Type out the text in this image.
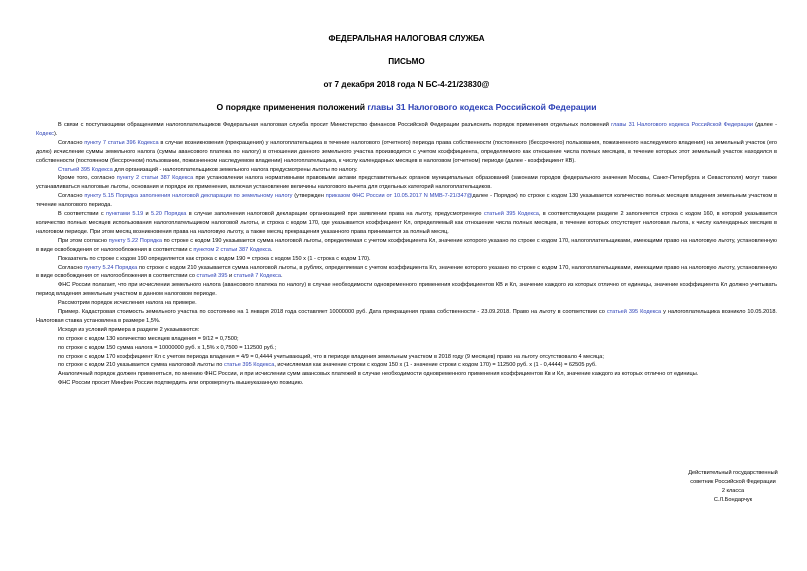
ФЕДЕРАЛЬНАЯ НАЛОГОВАЯ СЛУЖБА

ПИСЬМО

от 7 декабря 2018 года N БС-4-21/23830@

О порядке применения положений главы 31 Налогового кодекса Российской Федерации

В связи с поступающими обращениями налогоплательщиков Федеральная налоговая служба просит Министерство финансов Российской Федерации разъяснить порядок применения отдельных положений главы 31 Налогового кодекса Российской Федерации (далее - Кодекс).

Согласно пункту 7 статьи 396 Кодекса в случае возникновения (прекращения) у налогоплательщика в течение налогового (отчетного) периода права собственности (постоянного (бессрочного) пользования, пожизненного наследуемого владения) на земельный участок (его долю) исчисление суммы земельного налога (суммы авансового платежа по налогу) в отношении данного земельного участка производится с учетом коэффициента, определяемого как отношение числа полных месяцев, в течение которых этот земельный участок находился в собственности (постоянном (бессрочном) пользовании, пожизненном наследуемом владении) налогоплательщика, к числу календарных месяцев в налоговом (отчетном) периоде (далее - коэффициент КВ).

Статьей 395 Кодекса для организаций - налогоплательщиков земельного налога предусмотрены льготы по налогу.

Кроме того, согласно пункту 2 статьи 387 Кодекса при установлении налога нормативными правовыми актами представительных органов муниципальных образований (законами городов федерального значения Москвы, Санкт-Петербурга и Севастополя) могут также устанавливаться налоговые льготы, основания и порядок их применения, включая установление величины налогового вычета для отдельных категорий налогоплательщиков.

Согласно пункту 5.15 Порядка заполнения налоговой декларации по земельному налогу (утвержден приказом ФНС России от 10.05.2017 N ММВ-7-21/347@далее - Порядок) по строке с кодом 130 указывается количество полных месяцев владения земельным участком в течение налогового периода.

В соответствии с пунктами 5.19 и 5.20 Порядка в случае заполнения налоговой декларации организацией при заявлении права на льготу, предусмотренную статьей 395 Кодекса, в соответствующем разделе 2 заполняется строка с кодом 160, в которой указывается количество полных месяцев использования налогоплательщиком налоговой льготы, и строка с кодом 170, где указывается коэффициент Кл, определяемый как отношение числа полных месяцев, в течение которых отсутствует налоговая льгота, к числу календарных месяцев в налоговом периоде. При этом месяц возникновения права на налоговую льготу, а также месяц прекращения указанного права принимается за полный месяц.

При этом согласно пункту 5.22 Порядка по строке с кодом 190 указывается сумма налоговой льготы, определяемая с учетом коэффициента Кл, значение которого указано по строке с кодом 170, налогоплательщиками, имеющими право на налоговую льготу, установленную в виде освобождения от налогообложения в соответствии с пунктом 2 статьи 387 Кодекса.

Показатель по строке с кодом 190 определяется как строка с кодом 190 = строка с кодом 150 х (1 - строка с кодом 170).

Согласно пункту 5.24 Порядка по строке с кодом 210 указывается сумма налоговой льготы, в рублях, определяемая с учетом коэффициента Кл, значение которого указано по строке с кодом 170, налогоплательщиками, имеющими право на налоговую льготу, установленную в виде освобождения от налогообложения в соответствии со статьей 395 и статьей 7 Кодекса.

ФНС России полагает, что при исчислении земельного налога (авансового платежа по налогу) в случае необходимости одновременного применения коэффициентов КВ и Кл, значение каждого из которых отлично от единицы, значение коэффициента Кл должно учитывать период владения земельным участком в данном налоговом периоде.

Рассмотрим порядок исчисления налога на примере.

Пример. Кадастровая стоимость земельного участка по состоянию на 1 января 2018 года составляет 10000000 руб. Дата прекращения права собственности - 23.09.2018. Право на льготу в соответствии со статьей 395 Кодекса у налогоплательщика возникло 10.05.2018. Налоговая ставка установлена в размере 1,5%.

Исходя из условий примера в разделе 2 указываются:

по строке с кодом 130 количество месяцев владения = 9/12 = 0,7500;

по строке с кодом 150 сумма налога = 10000000 руб. х 1,5% х 0,7500 = 112500 руб.;

по строке с кодом 170 коэффициент Кл с учетом периода владения = 4/9 = 0,4444 учитывающий, что в периоде владения земельным участком в 2018 году (9 месяцев) право на льготу отсутствовало 4 месяца;

по строке с кодом 210 указывается сумма налоговой льготы по статье 395 Кодекса, исчисляемая как значение строки с кодом 150 х (1 - значение строки с кодом 170) = 112500 руб. х (1 - 0,4444) = 62505 руб.

Аналогичный порядок должен применяться, по мнению ФНС России, и при исчислении сумм авансовых платежей в случае необходимости одновременного применения коэффициентов Кв и Кл, значение каждого из которых отлично от единицы.

ФНС России просит Минфин России подтвердить или опровергнуть вышеуказанную позицию.

Действительный государственный
советник Российской Федерации
2 класса
С.Л.Бондарчук
